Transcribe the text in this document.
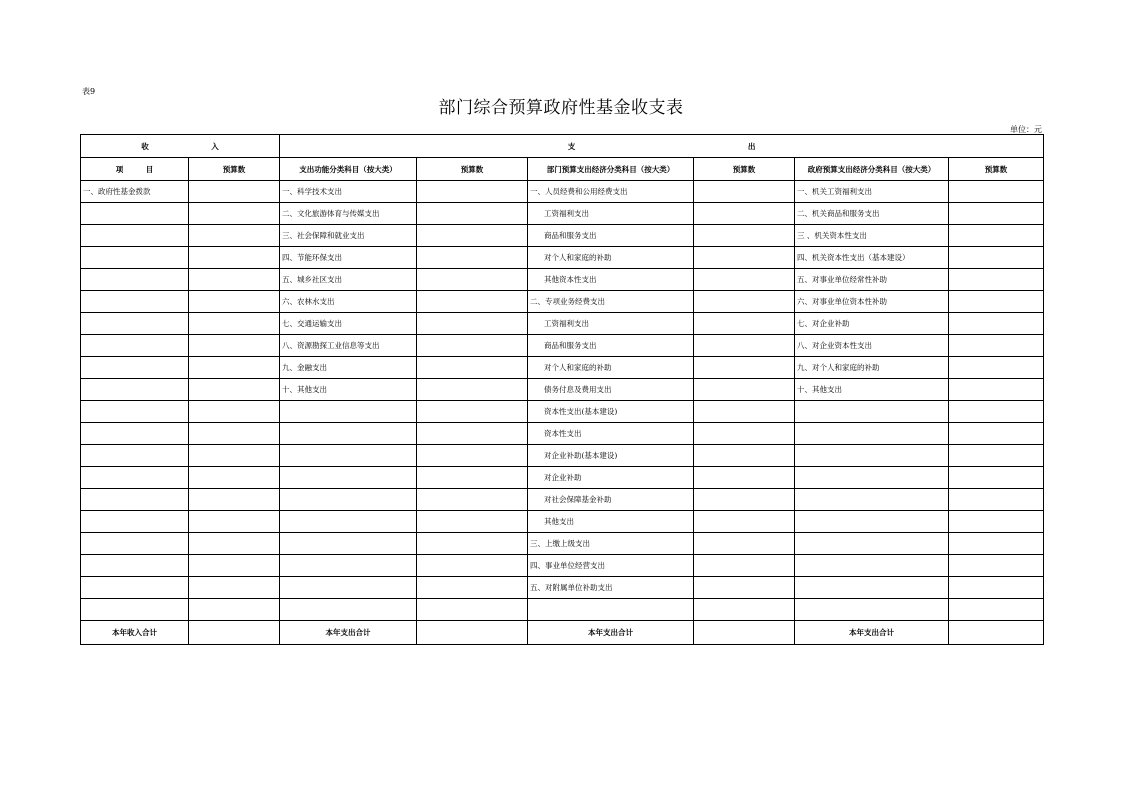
表9
部门综合预算政府性基金收支表
单位：元
收 入		支 出					
项 目	预算数	支出功能分类科目（按大类）	预算数	部门预算支出经济分类科目（按大类）	预算数	政府预算支出经济分类科目（按大类）	预算数
一、政府性基金拨款		一、科学技术支出		一、人员经费和公用经费支出		一、机关工资福利支出	
		二、文化旅游体育与传媒支出		工资福利支出		二、机关商品和服务支出	
		三、社会保障和就业支出		商品和服务支出		三 、机关资本性支出	
		四、节能环保支出		对个人和家庭的补助		四、机关资本性支出（基本建设）	
		五、城乡社区支出		其他资本性支出		五、对事业单位经常性补助	
		六、农林水支出		二、专项业务经费支出		六、对事业单位资本性补助	
		七、交通运输支出		工资福利支出		七、对企业补助	
		八、资源勘探工业信息等支出		商品和服务支出		八、对企业资本性支出	
		九、金融支出		对个人和家庭的补助		九、对个人和家庭的补助	
		十、其他支出		债务付息及费用支出		十、其他支出	
				资本性支出(基本建设)			
				资本性支出			
				对企业补助(基本建设)			
				对企业补助			
				对社会保障基金补助			
				其他支出			
				三、上缴上级支出			
				四、事业单位经营支出			
				五、对附属单位补助支出			

本年收入合计		本年支出合计		本年支出合计		本年支出合计	
